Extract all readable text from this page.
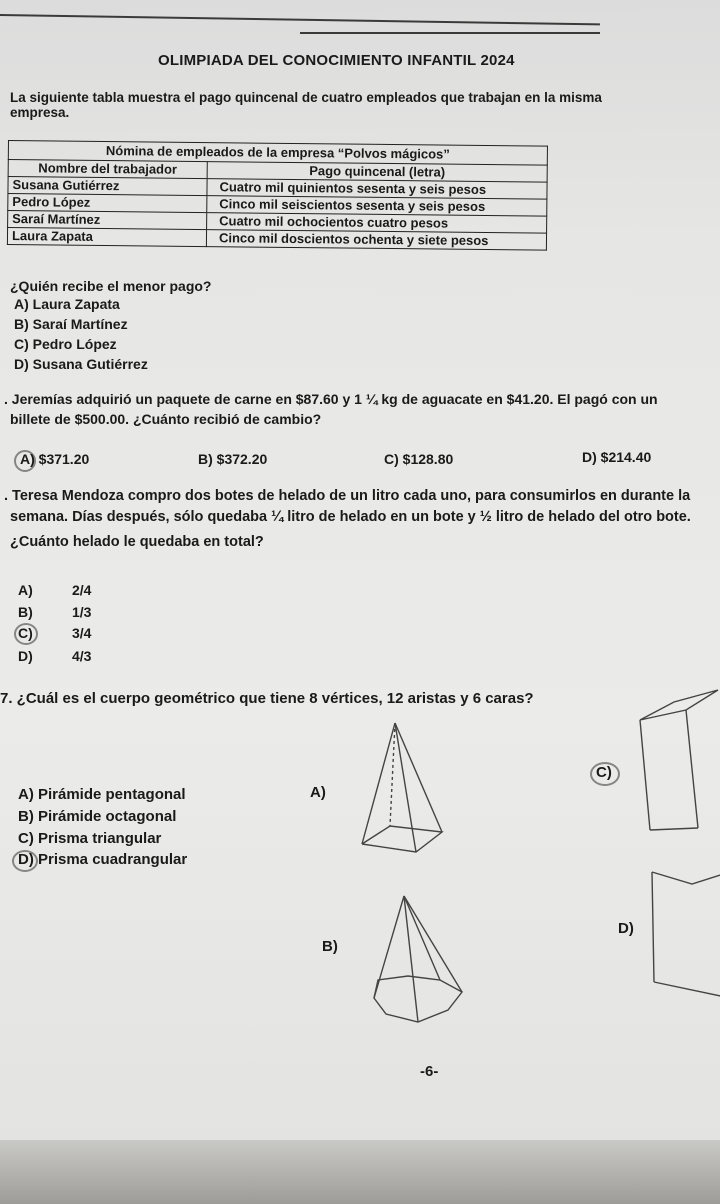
OLIMPIADA DEL CONOCIMIENTO INFANTIL 2024
La siguiente tabla muestra el pago quincenal de cuatro empleados que trabajan en la misma empresa.
Nómina de empleados de la empresa “Polvos mágicos”	
Nombre del trabajador	Pago quincenal (letra)
Susana Gutiérrez	Cuatro mil quinientos sesenta y seis pesos
Pedro López	Cinco mil seiscientos sesenta y seis pesos
Saraí Martínez	Cuatro mil ochocientos cuatro pesos
Laura Zapata	Cinco mil doscientos ochenta y siete pesos
¿Quién recibe el menor pago?
A) Laura Zapata
B) Saraí Martínez
C) Pedro López
D) Susana Gutiérrez
. Jeremías adquirió un paquete de carne en $87.60 y 1 ¼ kg de aguacate en $41.20. El pagó con un
billete de $500.00. ¿Cuánto recibió de cambio?
A) $371.20	B) $372.20	C) $128.80	D) $214.40
. Teresa Mendoza compro dos botes de helado de un litro cada uno, para consumirlos en durante la
semana. Días después, sólo quedaba ¼ litro de helado en un bote y ½ litro de helado del otro bote.
¿Cuánto helado le quedaba en total?
A)	2/4
B)	1/3
C)	3/4
D)	4/3
7. ¿Cuál es el cuerpo geométrico que tiene 8 vértices, 12 aristas y 6 caras?
A) Pirámide pentagonal
B) Pirámide octagonal
C) Prisma triangular
D) Prisma cuadrangular
A)
B)
C)
D)
-6-
